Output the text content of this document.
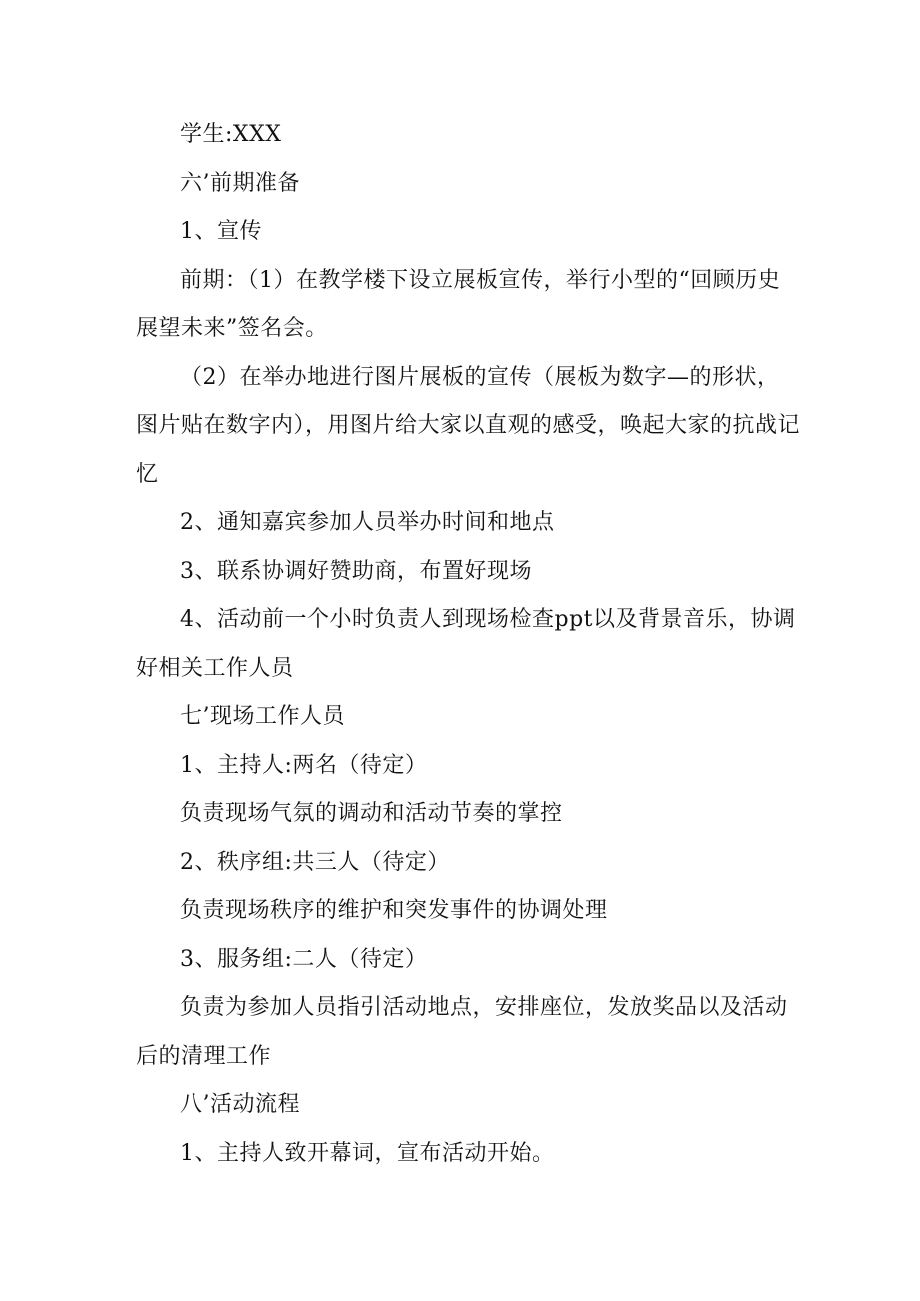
学生:XXX

六’前期准备

1、宣传

前期：（1）在教学楼下设立展板宣传，举行小型的“回顾历史展望未来”签名会。

（2）在举办地进行图片展板的宣传（展板为数字—的形状，图片贴在数字内），用图片给大家以直观的感受，唤起大家的抗战记忆

2、通知嘉宾参加人员举办时间和地点

3、联系协调好赞助商，布置好现场

4、活动前一个小时负责人到现场检查ppt以及背景音乐，协调好相关工作人员

七’现场工作人员

1、主持人:两名（待定）

负责现场气氛的调动和活动节奏的掌控

2、秩序组:共三人（待定）

负责现场秩序的维护和突发事件的协调处理

3、服务组:二人（待定）

负责为参加人员指引活动地点，安排座位，发放奖品以及活动后的清理工作

八’活动流程

1、主持人致开幕词，宣布活动开始。
